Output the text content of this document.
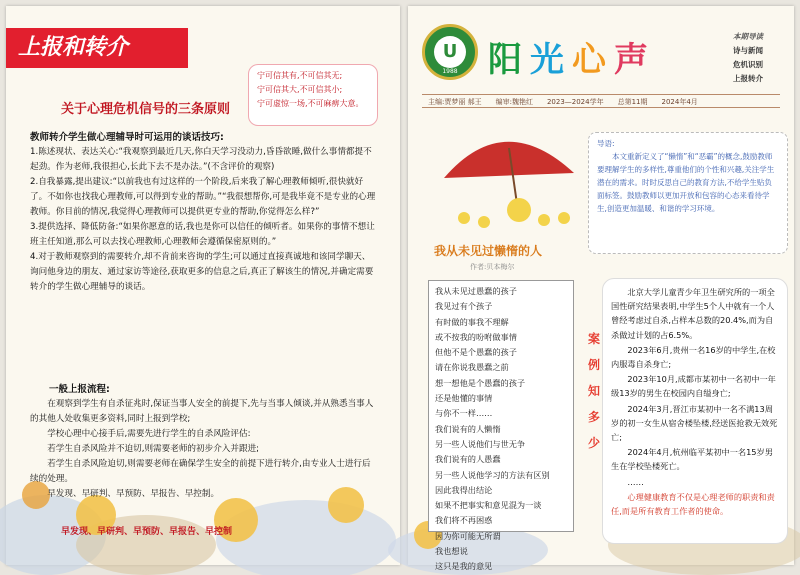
上报和转介
宁可信其有,不可信其无;
宁可信其大,不可信其小;
宁可虚惊一场,不可麻痹大意。
关于心理危机信号的三条原则

教师转介学生做心理辅导时可运用的谈话技巧:

1.陈述现状、表达关心:“我观察到最近几天,你白天学习没动力,昏昏欲睡,做什么事情都提不起劲。作为老师,我很担心,长此下去不是办法。”(不含评价的观察)

2.自我暴露,提出建议:“以前我也有过这样的一个阶段,后来我了解心理教师倾听,很快就好了。不如你也找我心理教师,可以得到专业的帮助。”“我很想帮你,可是我毕竟不是专业的心理教师。你目前的情况,我觉得心理教师可以提供更专业的帮助,你觉得怎么样?”

3.提供选择、降低防备:“如果你愿意的话,我也是你可以信任的倾听者。如果你的事情不想让班主任知道,那么可以去找心理教师,心理教师会遵循保密原则的。”

4.对于教师观察到的需要转介,却不肯前来咨询的学生;可以通过直接真诚地和该同学聊天、询问他身边的朋友、通过家访等途径,获取更多的信息之后,真正了解该生的情况,并确定需要转介的学生做心理辅导的谈话。

一般上报流程:

在观察到学生有自杀征兆时,保证当事人安全的前提下,先与当事人倾谈,并从熟悉当事人的其他人处收集更多资料,同时上报到学校;

学校心理中心接手后,需要先进行学生的自杀风险评估:

若学生自杀风险并不迫切,则需要老师的初步介入并跟进;

若学生自杀风险迫切,则需要老师在确保学生安全的前提下进行转介,由专业人士进行后续的处理。

早发现、早研判、早预防、早报告、早控制。

早发现、早研判、早预防、早报告、早控制
U
1988 阳光心声
本期导读
诗与新闻
危机识别
上报转介
主编:贾梦丽 郝王 编审:魏艳红 2023—2024学年 总第11期 2024年4月
导语:
本文重新定义了“懒惰”和“恶霸”的概念,鼓励教师要理解学生的多样性,尊重他们的个性和兴趣,关注学生潜在的需求。时时反思自己的教育方法,不给学生贴负面标签。鼓励教师以更加开放和包容的心态来看待学生,创造更加温暖、和谐的学习环境。
我从未见过懒惰的人
作者:贝本梅尔
我从未见过愚蠢的孩子
我见过有个孩子
有时做的事我不理解
或不按我的吩咐做事情
但他不是个愚蠢的孩子
请在你说我愚蠢之前
想一想他是个愚蠢的孩子
还是他懂的事情
与你不一样……
我们说有的人懒惰
另一些人说他们与世无争
我们说有的人愚蠢
另一些人说他学习的方法有区别
因此我得出结论
如果不把事实和意见混为一谈
我们将不再困惑
因为你可能无所谓
我也想说
这只是我的意见
案
例
知
多
少

北京大学儿童青少年卫生研究所的一项全国性研究结果表明,中学生5个人中就有一个人曾经考虑过自杀,占样本总数的20.4%,而为自杀做过计划的占6.5%。

2023年6月,贵州一名16岁的中学生,在校内服毒自杀身亡;

2023年10月,成都市某初中一名初中一年级13岁的男生在校园内自缢身亡;

2024年3月,晋江市某初中一名不满13周岁的初一女生从宿舍楼坠楼,经送医抢救无效死亡;

2024年4月,杭州临平某初中一名15岁男生在学校坠楼死亡。

……

心理健康教育不仅是心理老师的职责和责任,而是所有教育工作者的使命。
